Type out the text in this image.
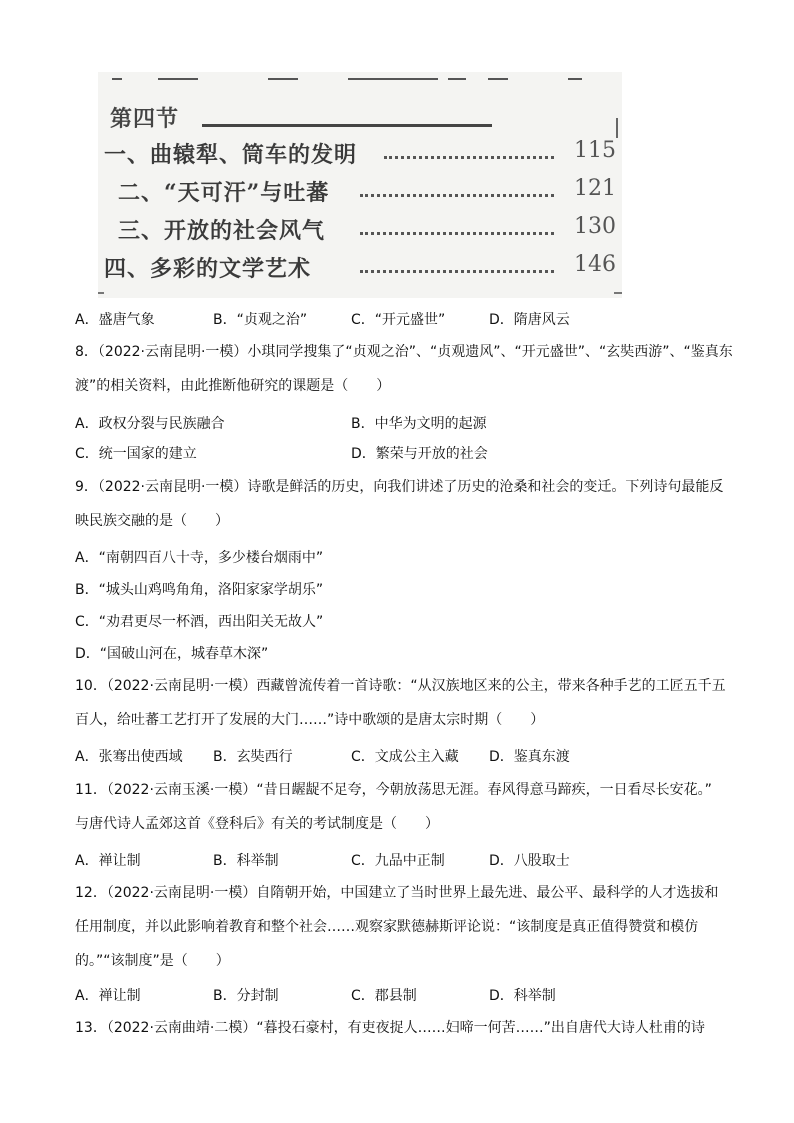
第四节
一、曲辕犁、筒车的发明	115
二、“天可汗”与吐蕃	121
三、开放的社会风气	130
四、多彩的文学艺术	146
A．盛唐气象	B．“贞观之治”	C．“开元盛世”	D．隋唐风云
8．（2022·云南昆明·一模）小琪同学搜集了“贞观之治”、“贞观遗风”、“开元盛世”、“玄奘西游”、“鉴真东
渡”的相关资料，由此推断他研究的课题是（　　）
A．政权分裂与民族融合	B．中华为文明的起源
C．统一国家的建立	D．繁荣与开放的社会
9．（2022·云南昆明·一模）诗歌是鲜活的历史，向我们讲述了历史的沧桑和社会的变迁。下列诗句最能反
映民族交融的是（　　）
A．“南朝四百八十寺，多少楼台烟雨中”
B．“城头山鸡鸣角角，洛阳家家学胡乐”
C．“劝君更尽一杯酒，西出阳关无故人”
D．“国破山河在，城春草木深”
10．（2022·云南昆明·一模）西藏曾流传着一首诗歌：“从汉族地区来的公主，带来各种手艺的工匠五千五
百人，给吐蕃工艺打开了发展的大门……”诗中歌颂的是唐太宗时期（　　）
A．张骞出使西域 B．玄奘西行	C．文成公主入藏 D．鉴真东渡
11．（2022·云南玉溪·一模）“昔日龌龊不足夸，今朝放荡思无涯。春风得意马蹄疾，一日看尽长安花。”
与唐代诗人孟郊这首《登科后》有关的考试制度是（　　）
A．禅让制	B．科举制	C．九品中正制	D．八股取士
12．（2022·云南昆明·一模）自隋朝开始，中国建立了当时世界上最先进、最公平、最科学的人才选拔和
任用制度，并以此影响着教育和整个社会……观察家默德赫斯评论说：“该制度是真正值得赞赏和模仿
的。”“该制度”是（　　）
A．禅让制	B．分封制	C．郡县制	D．科举制
13．（2022·云南曲靖·二模）“暮投石豪村，有吏夜捉人……妇啼一何苦……”出自唐代大诗人杜甫的诗
